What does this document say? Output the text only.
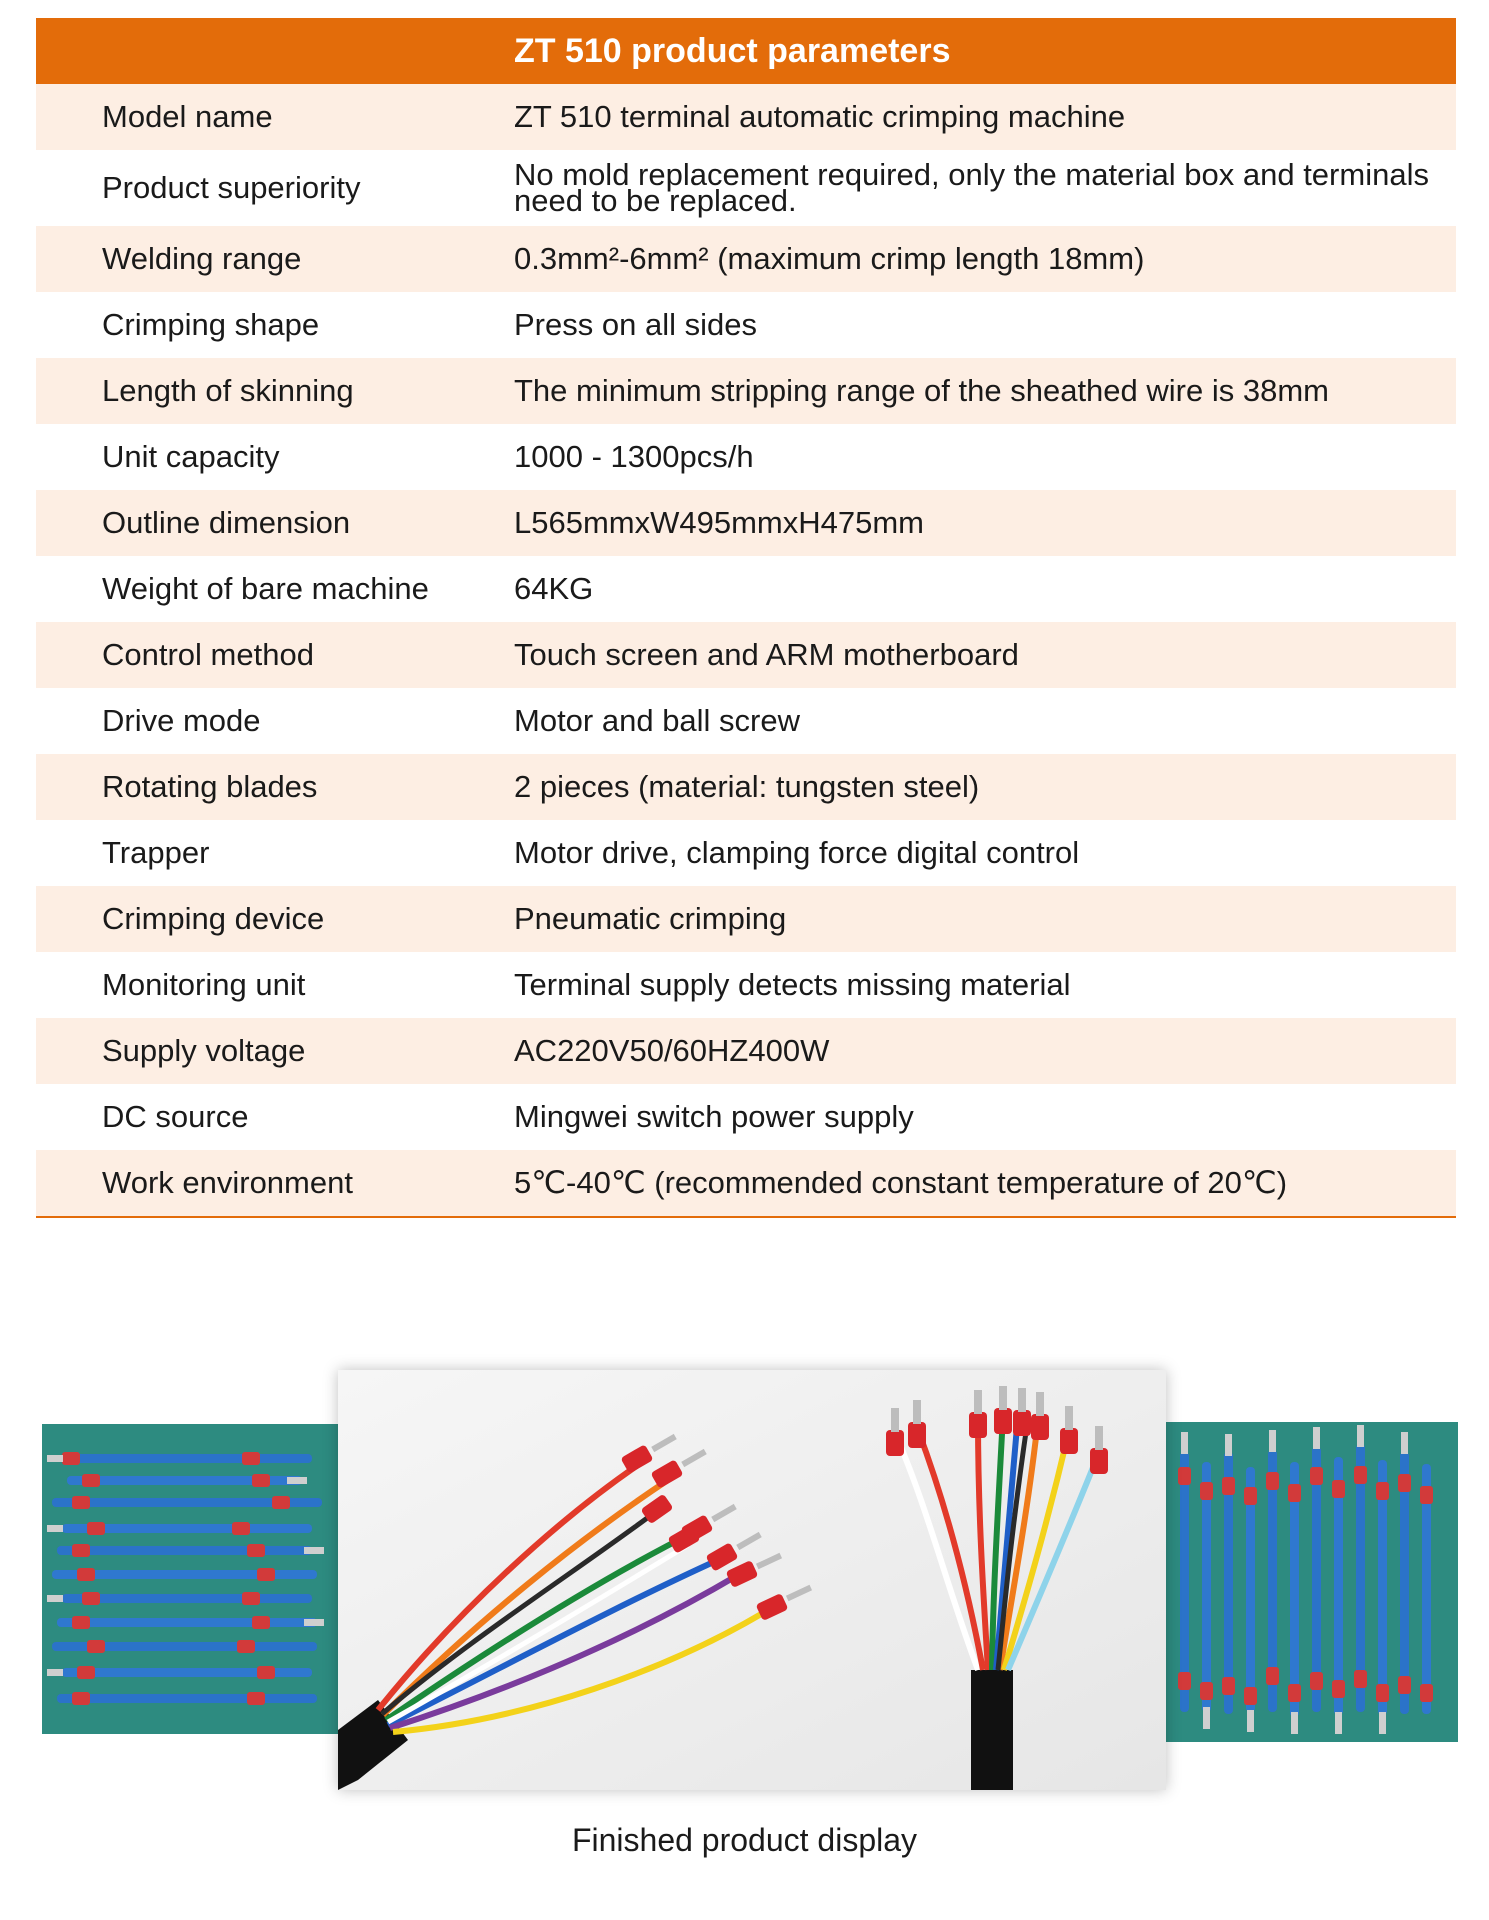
ZT 510 product parameters
Model name	ZT 510 terminal automatic crimping machine
Product superiority	No mold replacement required, only the material box and terminals need to be replaced.
Welding range	0.3mm²-6mm² (maximum crimp length 18mm)
Crimping shape	Press on all sides
Length of skinning	The minimum stripping range of the sheathed wire is 38mm
Unit capacity	1000 - 1300pcs/h
Outline dimension	L565mmxW495mmxH475mm
Weight of bare machine	64KG
Control method	Touch screen and ARM motherboard
Drive mode	Motor and ball screw
Rotating blades	2 pieces (material: tungsten steel)
Trapper	Motor drive, clamping force digital control
Crimping device	Pneumatic crimping
Monitoring unit	Terminal supply detects missing material
Supply voltage	AC220V50/60HZ400W
DC source	Mingwei switch power supply
Work environment	5℃-40℃ (recommended constant temperature of 20℃)
Finished product display
